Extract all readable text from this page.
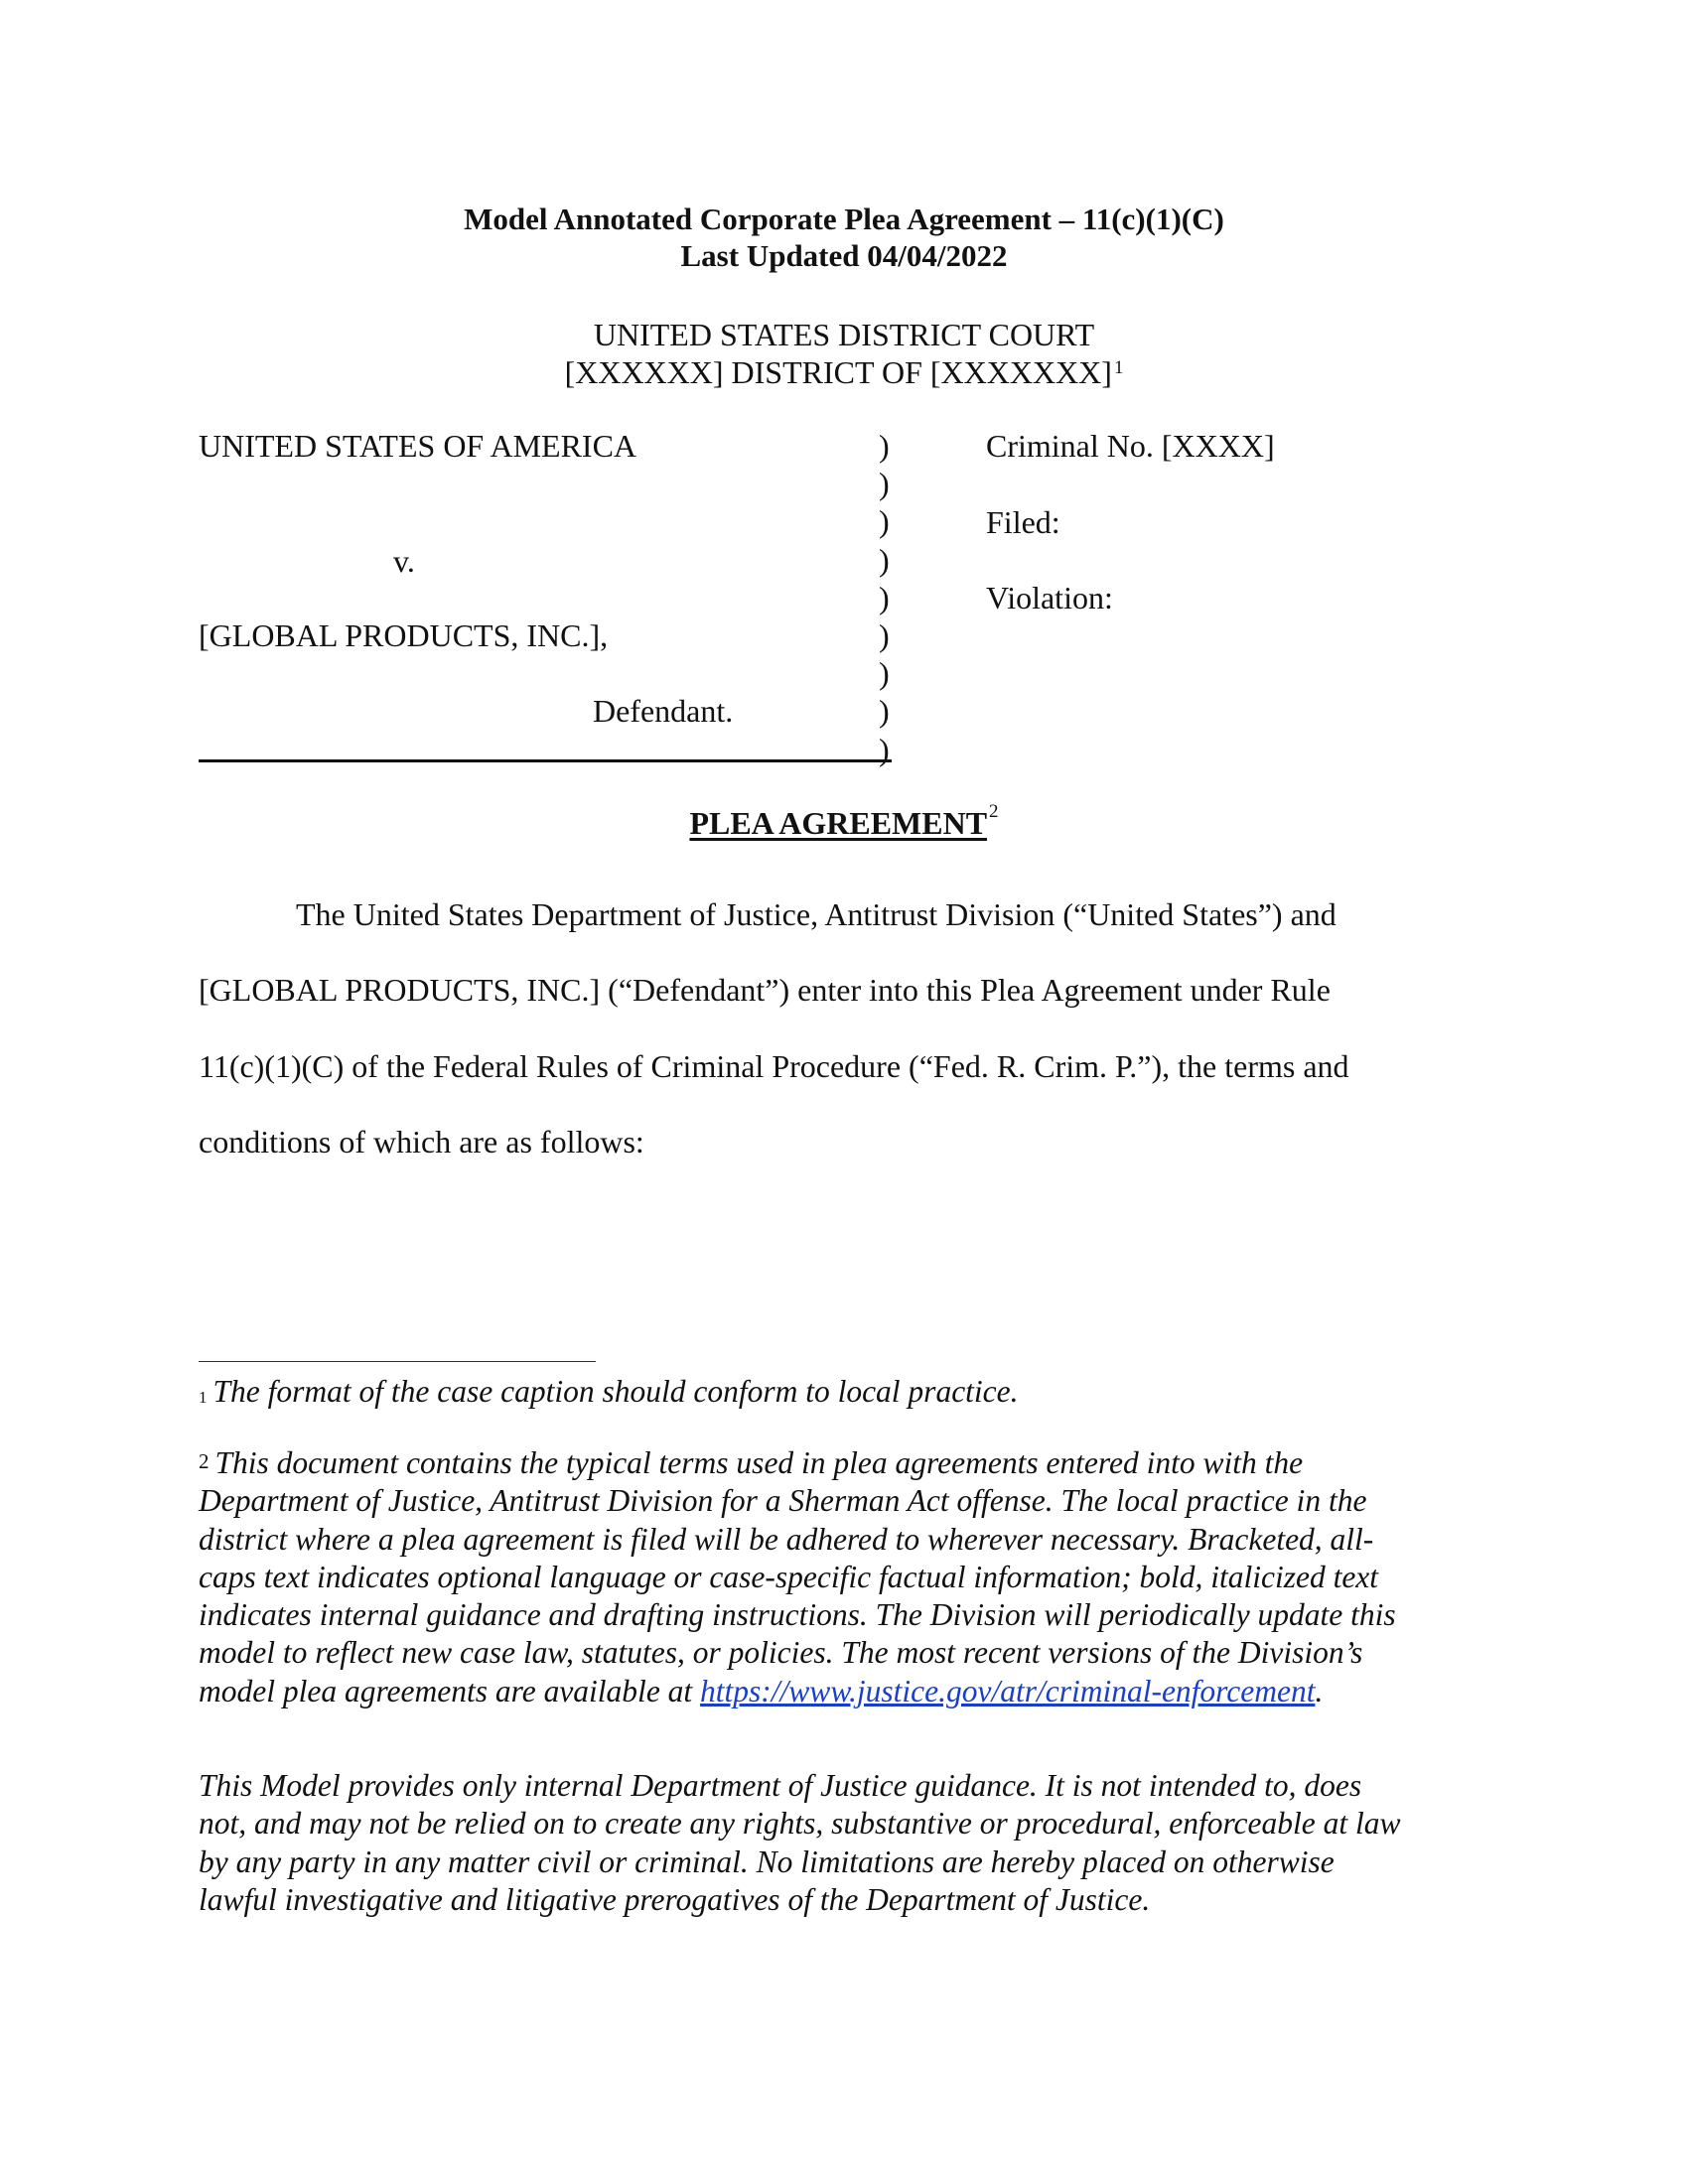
Model Annotated Corporate Plea Agreement – 11(c)(1)(C)
Last Updated 04/04/2022
UNITED STATES DISTRICT COURT
[XXXXXX] DISTRICT OF [XXXXXXX] $^1$
UNITED STATES OF AMERICA
v.
[GLOBAL PRODUCTS, INC.],
Defendant.
)
)
)
)
)
)
)
)
)
Criminal No. [XXXX]
Filed:
Violation:
PLEA AGREEMENT $^2$
The United States Department of Justice, Antitrust Division (“United States”) and
[GLOBAL PRODUCTS, INC.] (“Defendant”) enter into this Plea Agreement under Rule
11(c)(1)(C) of the Federal Rules of Criminal Procedure (“Fed. R. Crim. P.”), the terms and
conditions of which are as follows:
$^1$ The format of the case caption should conform to local practice.
$^2$ This document contains the typical terms used in plea agreements entered into with the
Department of Justice, Antitrust Division for a Sherman Act offense. The local practice in the
district where a plea agreement is filed will be adhered to wherever necessary. Bracketed, all-
caps text indicates optional language or case-specific factual information; bold, italicized text
indicates internal guidance and drafting instructions. The Division will periodically update this
model to reflect new case law, statutes, or policies. The most recent versions of the Division’s
model plea agreements are available at https://www.justice.gov/atr/criminal-enforcement.
This Model provides only internal Department of Justice guidance. It is not intended to, does
not, and may not be relied on to create any rights, substantive or procedural, enforceable at law
by any party in any matter civil or criminal. No limitations are hereby placed on otherwise
lawful investigative and litigative prerogatives of the Department of Justice.
